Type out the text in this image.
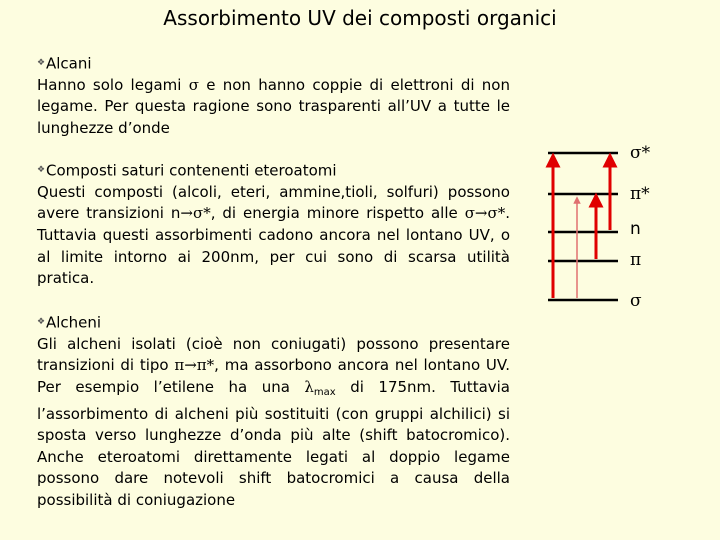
Assorbimento UV dei composti organici
❖Alcani
Hanno solo legami σ e non hanno coppie di elettroni di non legame. Per questa ragione sono trasparenti all’UV a tutte le lunghezze d’onde
❖Composti saturi contenenti eteroatomi
Questi composti (alcoli, eteri, ammine,tioli, solfuri) possono avere transizioni n→σ*, di energia minore rispetto alle σ→σ*. Tuttavia questi assorbimenti cadono ancora nel lontano UV, o al limite intorno ai 200nm, per cui sono di scarsa utilità pratica.
❖Alcheni
Gli alcheni isolati (cioè non coniugati) possono presentare transizioni di tipo π→π*, ma assorbono ancora nel lontano UV. Per esempio l’etilene ha una $\lambda_{max}$ di 175nm. Tuttavia l’assorbimento di alcheni più sostituiti (con gruppi alchilici) si sposta verso lunghezze d’onda più alte (shift batocromico). Anche eteroatomi direttamente legati al doppio legame possono dare notevoli shift batocromici a causa della possibilità di coniugazione
σ*
π*
n
π
σ
